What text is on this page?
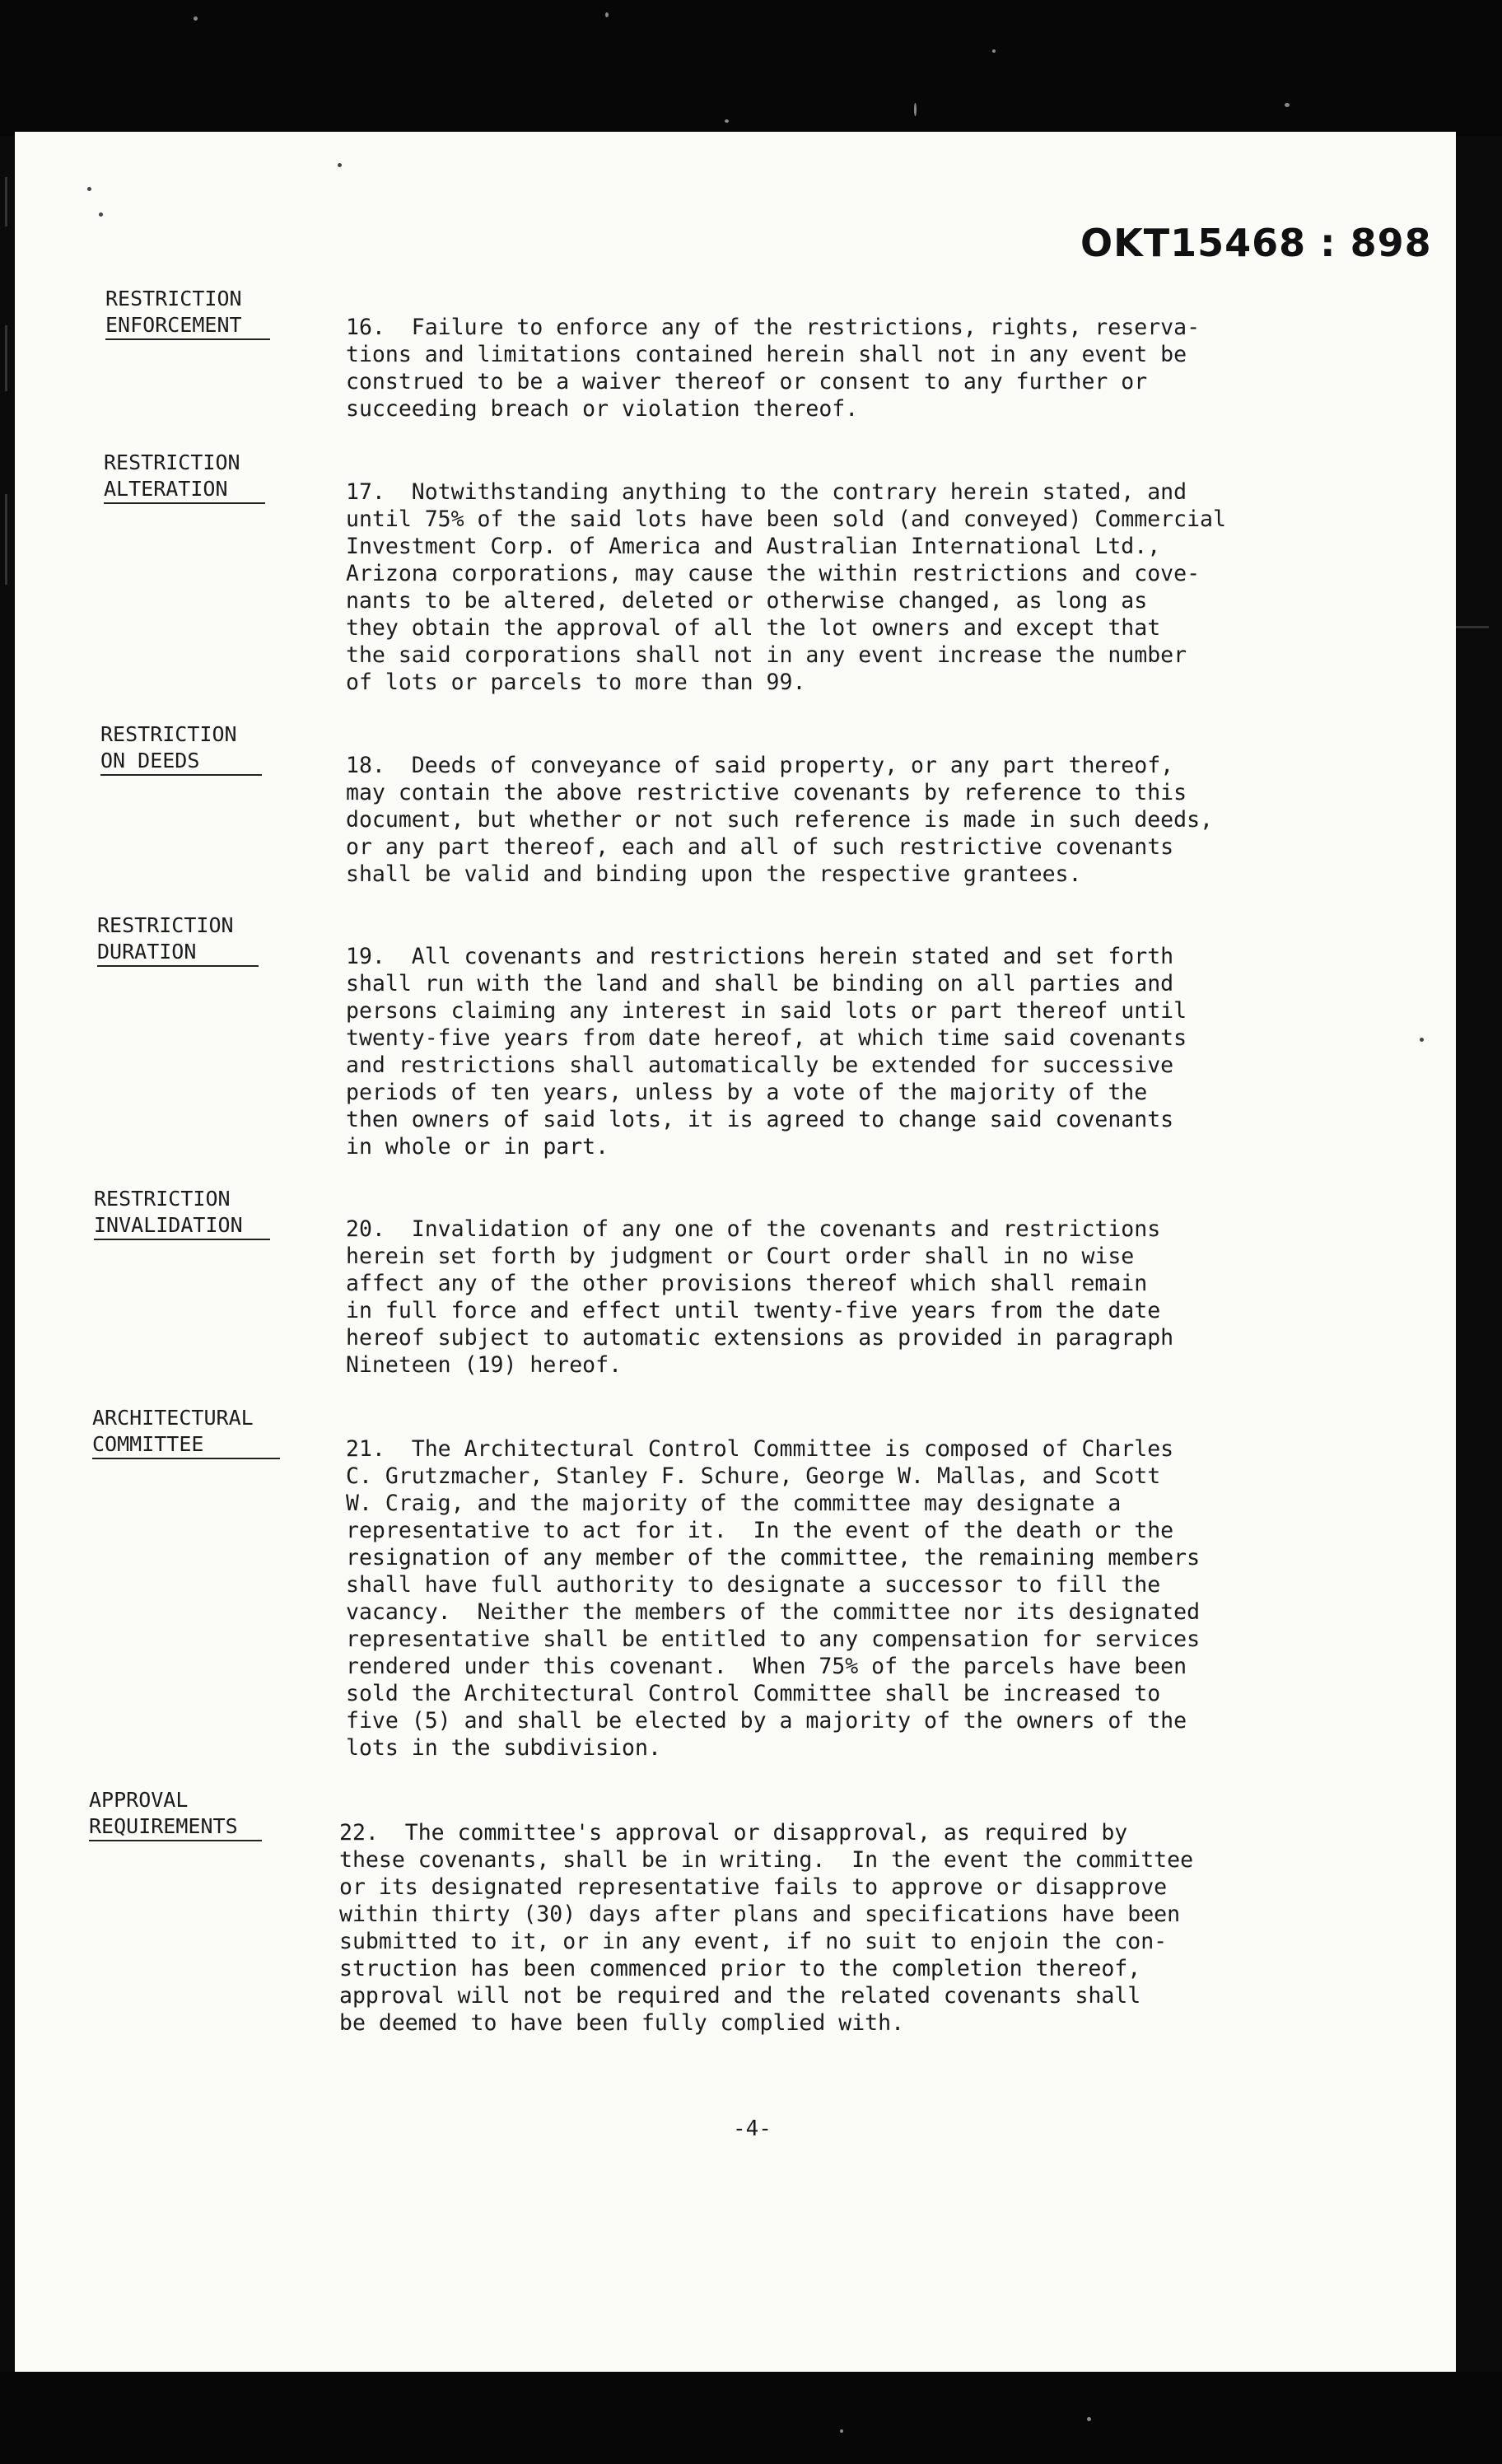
OKT15468 : 898
RESTRICTION
ENFORCEMENT	16.  Failure to enforce any of the restrictions, rights, reserva-
tions and limitations contained herein shall not in any event be
construed to be a waiver thereof or consent to any further or
succeeding breach or violation thereof.
RESTRICTION
ALTERATION	17.  Notwithstanding anything to the contrary herein stated, and
until 75% of the said lots have been sold (and conveyed) Commercial
Investment Corp. of America and Australian International Ltd.,
Arizona corporations, may cause the within restrictions and cove-
nants to be altered, deleted or otherwise changed, as long as
they obtain the approval of all the lot owners and except that
the said corporations shall not in any event increase the number
of lots or parcels to more than 99.
RESTRICTION
ON DEEDS	18.  Deeds of conveyance of said property, or any part thereof,
may contain the above restrictive covenants by reference to this
document, but whether or not such reference is made in such deeds,
or any part thereof, each and all of such restrictive covenants
shall be valid and binding upon the respective grantees.
RESTRICTION
DURATION	19.  All covenants and restrictions herein stated and set forth
shall run with the land and shall be binding on all parties and
persons claiming any interest in said lots or part thereof until
twenty-five years from date hereof, at which time said covenants
and restrictions shall automatically be extended for successive
periods of ten years, unless by a vote of the majority of the
then owners of said lots, it is agreed to change said covenants
in whole or in part.
RESTRICTION
INVALIDATION	20.  Invalidation of any one of the covenants and restrictions
herein set forth by judgment or Court order shall in no wise
affect any of the other provisions thereof which shall remain
in full force and effect until twenty-five years from the date
hereof subject to automatic extensions as provided in paragraph
Nineteen (19) hereof.
ARCHITECTURAL
COMMITTEE	21.  The Architectural Control Committee is composed of Charles
C. Grutzmacher, Stanley F. Schure, George W. Mallas, and Scott
W. Craig, and the majority of the committee may designate a
representative to act for it.  In the event of the death or the
resignation of any member of the committee, the remaining members
shall have full authority to designate a successor to fill the
vacancy.  Neither the members of the committee nor its designated
representative shall be entitled to any compensation for services
rendered under this covenant.  When 75% of the parcels have been
sold the Architectural Control Committee shall be increased to
five (5) and shall be elected by a majority of the owners of the
lots in the subdivision.
APPROVAL
REQUIREMENTS	22.  The committee's approval or disapproval, as required by
these covenants, shall be in writing.  In the event the committee
or its designated representative fails to approve or disapprove
within thirty (30) days after plans and specifications have been
submitted to it, or in any event, if no suit to enjoin the con-
struction has been commenced prior to the completion thereof,
approval will not be required and the related covenants shall
be deemed to have been fully complied with.
-4-
